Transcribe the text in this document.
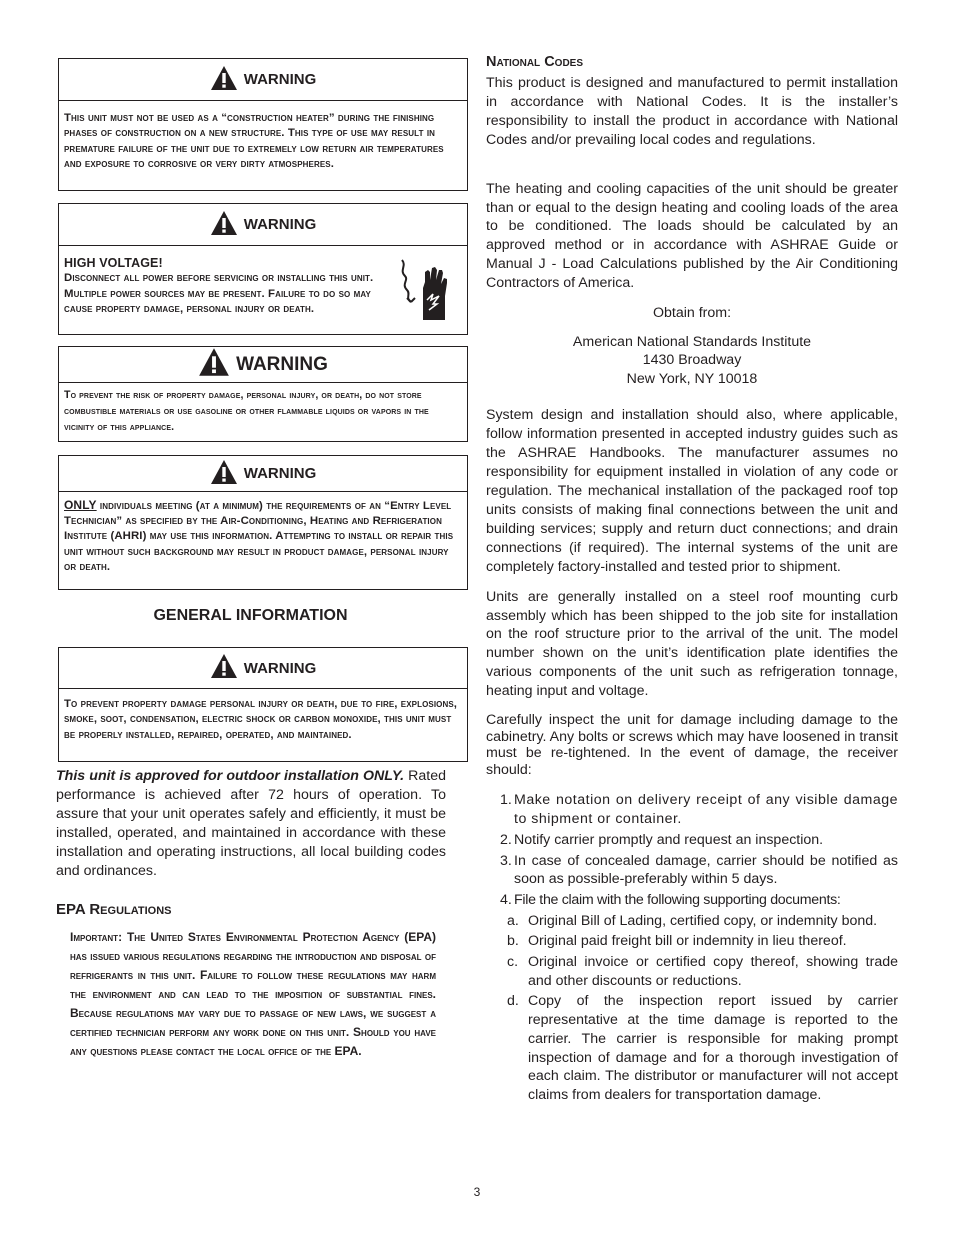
WARNING
This unit must not be used as a “construction heater” during the finishing phases of construction on a new structure. This type of use may result in premature failure of the unit due to extremely low return air temperatures and exposure to corrosive or very dirty atmospheres.
WARNING
HIGH VOLTAGE!
Disconnect all power before servicing or installing this unit. Multiple power sources may be present. Failure to do so may cause property damage, personal injury or death.
WARNING
To prevent the risk of property damage, personal injury, or death, do not store combustible materials or use gasoline or other flammable liquids or vapors in the vicinity of this appliance.
WARNING
ONLY individuals meeting (at a minimum) the requirements of an “Entry Level Technician” as specified by the Air-Conditioning, Heating and Refrigeration Institute (AHRI) may use this information. Attempting to install or repair this unit without such background may result in product damage, personal injury or death.
GENERAL INFORMATION
WARNING
To prevent property damage personal injury or death, due to fire, explosions, smoke, soot, condensation, electric shock or carbon monoxide, this unit must be properly installed, repaired, operated, and maintained.

This unit is approved for outdoor installation ONLY. Rated performance is achieved after 72 hours of operation. To assure that your unit operates safely and efficiently, it must be installed, operated, and maintained in accordance with these installation and operating instructions, all local building codes and ordinances.

EPA Regulations
Important: The United States Environmental Protection Agency (EPA) has issued various regulations regarding the introduction and disposal of refrigerants in this unit. Failure to follow these regulations may harm the environment and can lead to the imposition of substantial fines. Because regulations may vary due to passage of new laws, we suggest a certified technician perform any work done on this unit. Should you have any questions please contact the local office of the EPA.
National Codes

This product is designed and manufactured to permit installation in accordance with National Codes. It is the installer’s responsibility to install the product in accordance with National Codes and/or prevailing local codes and regulations.

The heating and cooling capacities of the unit should be greater than or equal to the design heating and cooling loads of the area to be conditioned. The loads should be calculated by an approved method or in accordance with ASHRAE Guide or Manual J - Load Calculations published by the Air Conditioning Contractors of America.

Obtain from:
American National Standards Institute
1430 Broadway
New York, NY 10018

System design and installation should also, where applicable, follow information presented in accepted industry guides such as the ASHRAE Handbooks. The manufacturer assumes no responsibility for equipment installed in violation of any code or regulation. The mechanical installation of the packaged roof top units consists of making final connections between the unit and building services; supply and return duct connections; and drain connections (if required). The internal systems of the unit are completely factory-installed and tested prior to shipment.

Units are generally installed on a steel roof mounting curb assembly which has been shipped to the job site for installation on the roof structure prior to the arrival of the unit. The model number shown on the unit’s identification plate identifies the various components of the unit such as refrigeration tonnage, heating input and voltage.

Carefully inspect the unit for damage including damage to the cabinetry. Any bolts or screws which may have loosened in transit must be re-tightened. In the event of damage, the receiver should:

1. Make notation on delivery receipt of any visible damage to shipment or container.
2. Notify carrier promptly and request an inspection.
3. In case of concealed damage, carrier should be notified as soon as possible-preferably within 5 days.
4. File the claim with the following supporting documents:
a. Original Bill of Lading, certified copy, or indemnity bond.
b. Original paid freight bill or indemnity in lieu thereof.
c. Original invoice or certified copy thereof, showing trade and other discounts or reductions.
d. Copy of the inspection report issued by carrier representative at the time damage is reported to the carrier. The carrier is responsible for making prompt inspection of damage and for a thorough investigation of each claim. The distributor or manufacturer will not accept claims from dealers for transportation damage.
3
